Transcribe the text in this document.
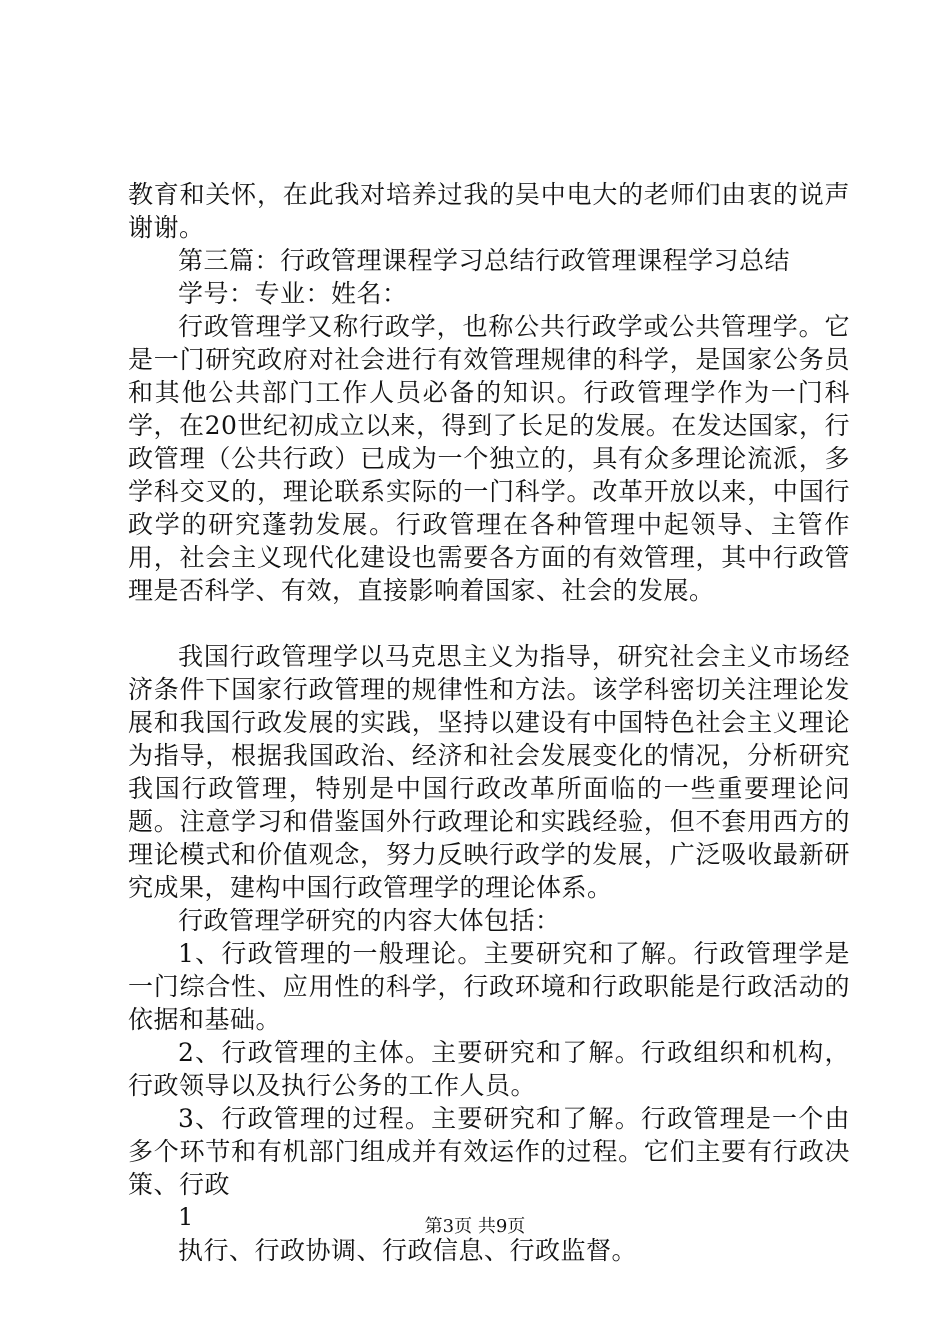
教育和关怀，在此我对培养过我的吴中电大的老师们由衷的说声谢谢。

第三篇：行政管理课程学习总结行政管理课程学习总结

学号：专业：姓名：

行政管理学又称行政学，也称公共行政学或公共管理学。它是一门研究政府对社会进行有效管理规律的科学，是国家公务员和其他公共部门工作人员必备的知识。行政管理学作为一门科学，在20世纪初成立以来，得到了长足的发展。在发达国家，行政管理（公共行政）已成为一个独立的，具有众多理论流派，多学科交叉的，理论联系实际的一门科学。改革开放以来，中国行政学的研究蓬勃发展。行政管理在各种管理中起领导、主管作用，社会主义现代化建设也需要各方面的有效管理，其中行政管理是否科学、有效，直接影响着国家、社会的发展。

我国行政管理学以马克思主义为指导，研究社会主义市场经济条件下国家行政管理的规律性和方法。该学科密切关注理论发展和我国行政发展的实践，坚持以建设有中国特色社会主义理论为指导，根据我国政治、经济和社会发展变化的情况，分析研究我国行政管理，特别是中国行政改革所面临的一些重要理论问题。注意学习和借鉴国外行政理论和实践经验，但不套用西方的理论模式和价值观念，努力反映行政学的发展，广泛吸收最新研究成果，建构中国行政管理学的理论体系。

行政管理学研究的内容大体包括：

1、行政管理的一般理论。主要研究和了解。行政管理学是一门综合性、应用性的科学，行政环境和行政职能是行政活动的依据和基础。

2、行政管理的主体。主要研究和了解。行政组织和机构，行政领导以及执行公务的工作人员。

3、行政管理的过程。主要研究和了解。行政管理是一个由多个环节和有机部门组成并有效运作的过程。它们主要有行政决策、行政

1

执行、行政协调、行政信息、行政监督。

第3页 共9页
